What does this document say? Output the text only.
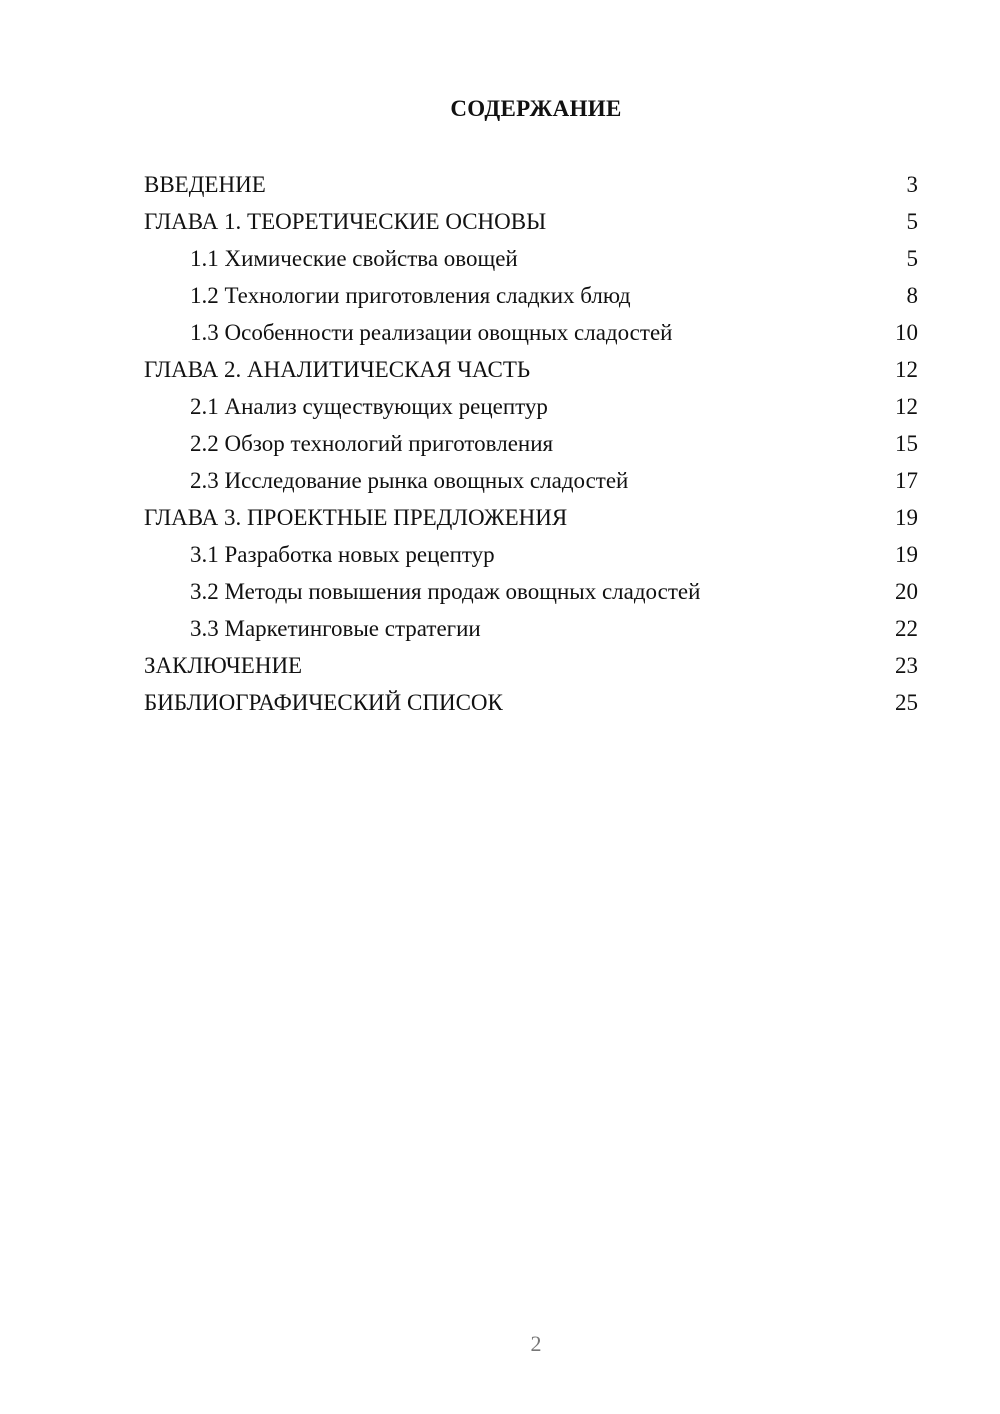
СОДЕРЖАНИЕ
ВВЕДЕНИЕ	3
ГЛАВА 1. ТЕОРЕТИЧЕСКИЕ ОСНОВЫ	5
1.1 Химические свойства овощей	5
1.2 Технологии приготовления сладких блюд	8
1.3 Особенности реализации овощных сладостей	10
ГЛАВА 2. АНАЛИТИЧЕСКАЯ ЧАСТЬ	12
2.1 Анализ существующих рецептур	12
2.2 Обзор технологий приготовления	15
2.3 Исследование рынка овощных сладостей	17
ГЛАВА 3. ПРОЕКТНЫЕ ПРЕДЛОЖЕНИЯ	19
3.1 Разработка новых рецептур	19
3.2 Методы повышения продаж овощных сладостей	20
3.3 Маркетинговые стратегии	22
ЗАКЛЮЧЕНИЕ	23
БИБЛИОГРАФИЧЕСКИЙ СПИСОК	25

2
